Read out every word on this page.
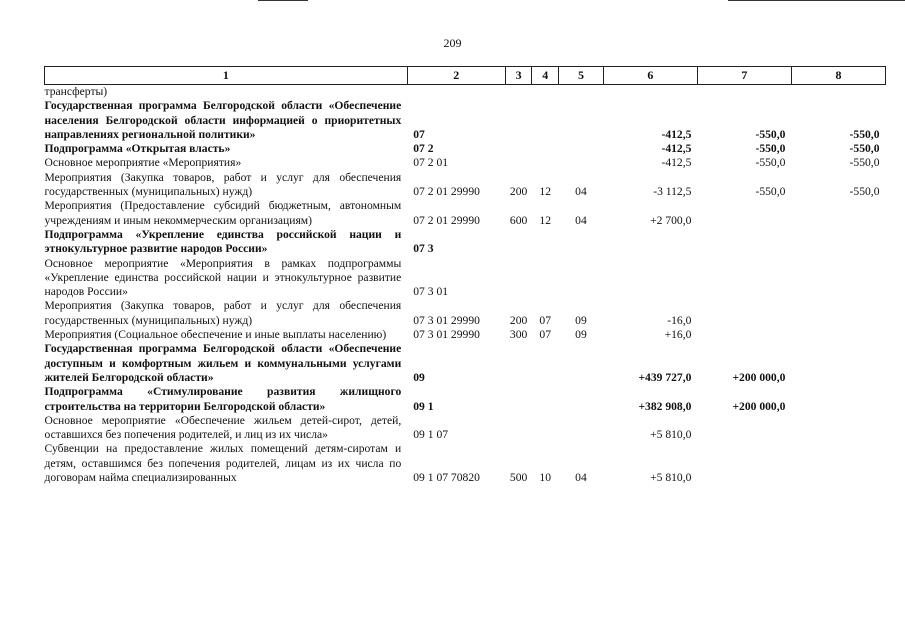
209
1	2	3	4	5	6	7	8
трансферты)							
Государственная программа Белгородской области «Обеспечение населения Белгородской области информацией о приоритетных направлениях региональной политики»	07				-412,5	-550,0	-550,0
Подпрограмма «Открытая власть»	07 2				-412,5	-550,0	-550,0
Основное мероприятие «Мероприятия»	07 2 01				-412,5	-550,0	-550,0
Мероприятия (Закупка товаров, работ и услуг для обеспечения государственных (муниципальных) нужд)	07 2 01 29990	200	12	04	-3 112,5	-550,0	-550,0
Мероприятия (Предоставление субсидий бюджетным, автономным учреждениям и иным некоммерческим организациям)	07 2 01 29990	600	12	04	+2 700,0		
Подпрограмма «Укрепление единства российской нации и этнокультурное развитие народов России»	07 3						
Основное мероприятие «Мероприятия в рамках подпрограммы «Укрепление единства российской нации и этнокультурное развитие народов России»	07 3 01						
Мероприятия (Закупка товаров, работ и услуг для обеспечения государственных (муниципальных) нужд)	07 3 01 29990	200	07	09	-16,0		
Мероприятия (Социальное обеспечение и иные выплаты населению)	07 3 01 29990	300	07	09	+16,0		
Государственная программа Белгородской области «Обеспечение доступным и комфортным жильем и коммунальными услугами жителей Белгородской области»	09				+439 727,0	+200 000,0	
Подпрограмма «Стимулирование развития жилищного строительства на территории Белгородской области»	09 1				+382 908,0	+200 000,0	
Основное мероприятие «Обеспечение жильем детей-сирот, детей, оставшихся без попечения родителей, и лиц из их числа»	09 1 07				+5 810,0		
Субвенции на предоставление жилых помещений детям-сиротам и детям, оставшимся без попечения родителей, лицам из их числа по договорам найма специализированных	09 1 07 70820	500	10	04	+5 810,0		
